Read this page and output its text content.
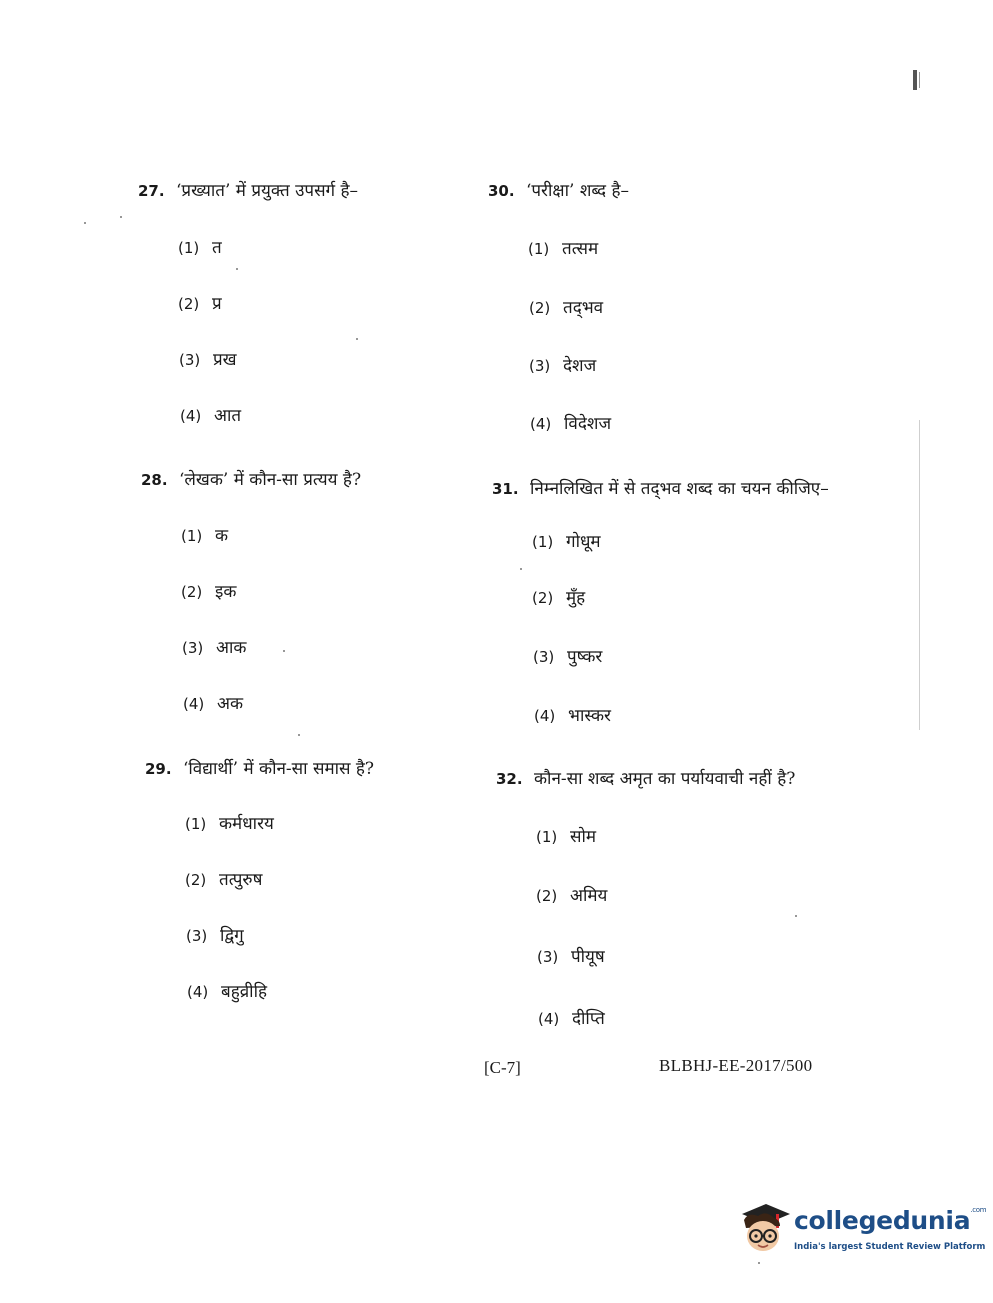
27. ‘प्रख्यात’ में प्रयुक्त उपसर्ग है–
(1) त
(2) प्र
(3) प्रख
(4) आत
28. ‘लेखक’ में कौन-सा प्रत्यय है?
(1) क
(2) इक
(3) आक
(4) अक
29. ‘विद्यार्थी’ में कौन-सा समास है?
(1) कर्मधारय
(2) तत्पुरुष
(3) द्विगु
(4) बहुव्रीहि
30. ‘परीक्षा’ शब्द है–
(1) तत्सम
(2) तद्‌भव
(3) देशज
(4) विदेशज
31. निम्नलिखित में से तद्‌भव शब्द का चयन कीजिए–
(1) गोधूम
(2) मुँह
(3) पुष्कर
(4) भास्कर
32. कौन-सा शब्द अमृत का पर्यायवाची नहीं है?
(1) सोम
(2) अमिय
(3) पीयूष
(4) दीप्ति
[C-7]	BLBHJ-EE-2017/500
collegedunia$^{.com}$
India's largest Student Review Platform
